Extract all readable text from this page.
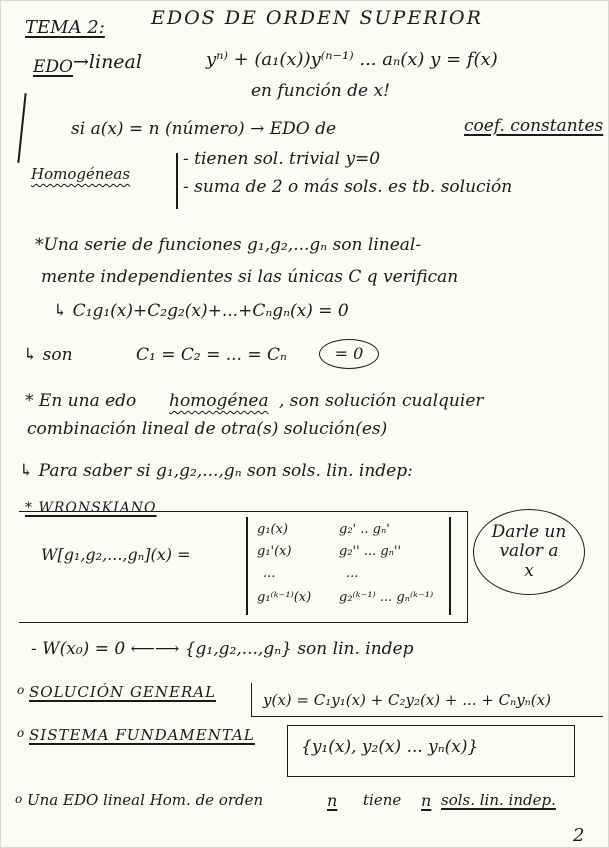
TEMA 2: EDOS DE ORDEN SUPERIOR
EDO →lineal	yⁿ⁾ + (a₁(x))y⁽ⁿ⁻¹⁾ ... aₙ(x) y = f(x)
en función de x!
si a(x) = n (número) → EDO de	coef. constantes
Homogéneas
- tienen sol. trivial y=0
- suma de 2 o más sols. es tb. solución
*Una serie de funciones g₁,g₂,...gₙ son lineal-
mente independientes si las únicas C q verifican
↳ C₁g₁(x)+C₂g₂(x)+...+Cₙgₙ(x) = 0
↳ son	C₁ = C₂ = ... = Cₙ	= 0
* En una edo homogénea , son solución cualquier
combinación lineal de otra(s) solución(es)
↳ Para saber si g₁,g₂,...,gₙ son sols. lin. indep:
* WRONSKIANO
W[g₁,g₂,...,gₙ](x) =
g₁(x)	g₂' .. gₙ'
g₁'(x)	g₂'' ... gₙ''
...	...
g₁⁽ᵏ⁻¹⁾(x) g₂⁽ᵏ⁻¹⁾ ... gₙ⁽ᵏ⁻¹⁾
Darle un
valor a
x
- W(x₀) = 0 ⟵⟶ {g₁,g₂,...,gₙ} son lin. indep
o SOLUCIÓN GENERAL	y(x) = C₁y₁(x) + C₂y₂(x) + ... + Cₙyₙ(x)
o SISTEMA FUNDAMENTAL
{y₁(x), y₂(x) ... yₙ(x)}
o Una EDO lineal Hom. de orden	n tiene n sols. lin. indep.
2
